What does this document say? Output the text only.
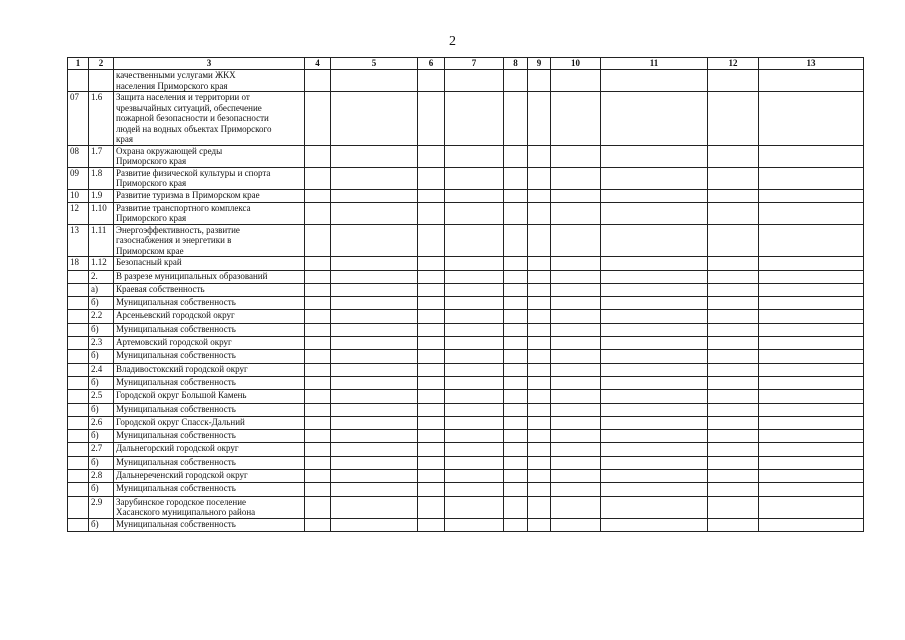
2
1	2	3	4	5	6	7	8	9	10	11	12	13

		качественными услугами ЖКХ
населения Приморского края										

07	1.6	Защита населения и территории от
чрезвычайных ситуаций, обеспечение
пожарной безопасности и безопасности
людей на водных объектах Приморского
края										

08	1.7	Охрана окружающей среды
Приморского края										

09	1.8	Развитие физической культуры и спорта
Приморского края										

10	1.9	Развитие туризма в Приморском крае										

12	1.10	Развитие транспортного комплекса
Приморского края										

13	1.11	Энергоэффективность, развитие
газоснабжения и энергетики в
Приморском крае										

18	1.12	Безопасный край										

	2.	В разрезе муниципальных образований										

	а)	Краевая собственность										

	б)	Муниципальная собственность										

	2.2	Арсеньевский городской округ										

	б)	Муниципальная собственность										

	2.3	Артемовский городской округ										

	б)	Муниципальная собственность										

	2.4	Владивостокский городской округ										

	б)	Муниципальная собственность										

	2.5	Городской округ Большой Камень										

	б)	Муниципальная собственность										

	2.6	Городской округ Спасск-Дальний										

	б)	Муниципальная собственность										

	2.7	Дальнегорский городской округ										

	б)	Муниципальная собственность										

	2.8	Дальнереченский городской округ										

	б)	Муниципальная собственность										

	2.9	Зарубинское городское поселение
Хасанского муниципального района										

	б)	Муниципальная собственность										
